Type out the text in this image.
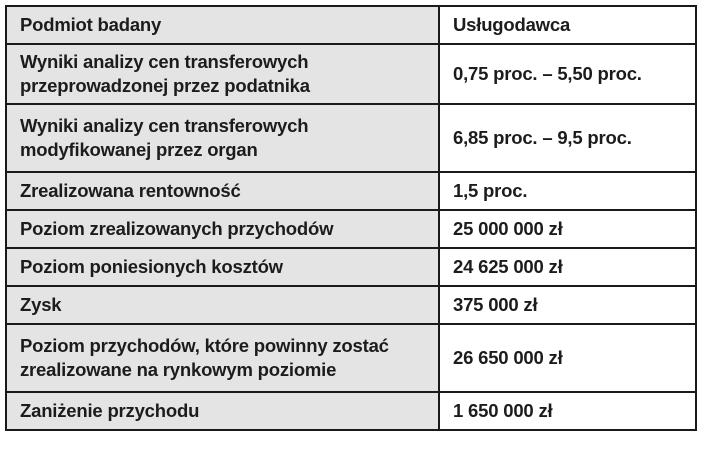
Podmiot badany	Usługodawca
Wyniki analizy cen transferowych
przeprowadzonej przez podatnika	0,75 proc. – 5,50 proc.
Wyniki analizy cen transferowych
modyfikowanej przez organ	6,85 proc. – 9,5 proc.
Zrealizowana rentowność	1,5 proc.
Poziom zrealizowanych przychodów	25 000 000 zł
Poziom poniesionych kosztów	24 625 000 zł
Zysk	375 000 zł
Poziom przychodów, które powinny zostać
zrealizowane na rynkowym poziomie	26 650 000 zł
Zaniżenie przychodu	1 650 000 zł
